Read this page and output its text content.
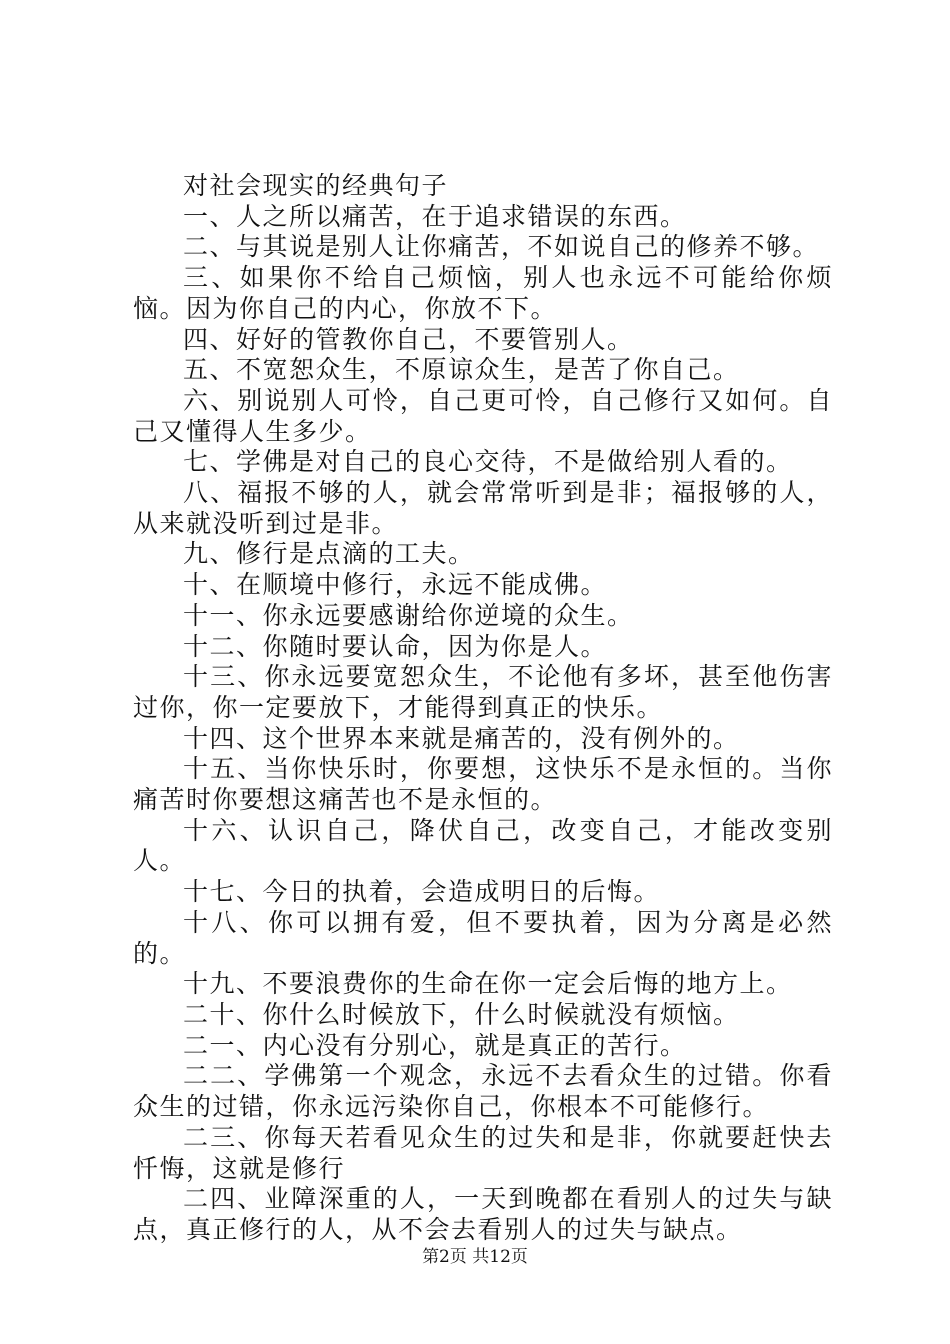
对社会现实的经典句子

一、人之所以痛苦，在于追求错误的东西。

二、与其说是别人让你痛苦，不如说自己的修养不够。

三、如果你不给自己烦恼，别人也永远不可能给你烦恼。因为你自己的内心，你放不下。

四、好好的管教你自己，不要管别人。

五、不宽恕众生，不原谅众生，是苦了你自己。

六、别说别人可怜，自己更可怜，自己修行又如何。自己又懂得人生多少。

七、学佛是对自己的良心交待，不是做给别人看的。

八、福报不够的人，就会常常听到是非；福报够的人，从来就没听到过是非。

九、修行是点滴的工夫。

十、在顺境中修行，永远不能成佛。

十一、你永远要感谢给你逆境的众生。

十二、你随时要认命，因为你是人。

十三、你永远要宽恕众生，不论他有多坏，甚至他伤害过你，你一定要放下，才能得到真正的快乐。

十四、这个世界本来就是痛苦的，没有例外的。

十五、当你快乐时，你要想，这快乐不是永恒的。当你痛苦时你要想这痛苦也不是永恒的。

十六、认识自己，降伏自己，改变自己，才能改变别人。

十七、今日的执着，会造成明日的后悔。

十八、你可以拥有爱，但不要执着，因为分离是必然的。

十九、不要浪费你的生命在你一定会后悔的地方上。

二十、你什么时候放下，什么时候就没有烦恼。

二一、内心没有分别心，就是真正的苦行。

二二、学佛第一个观念，永远不去看众生的过错。你看众生的过错，你永远污染你自己，你根本不可能修行。

二三、你每天若看见众生的过失和是非，你就要赶快去忏悔，这就是修行

二四、业障深重的人，一天到晚都在看别人的过失与缺点，真正修行的人，从不会去看别人的过失与缺点。

第2页 共12页
